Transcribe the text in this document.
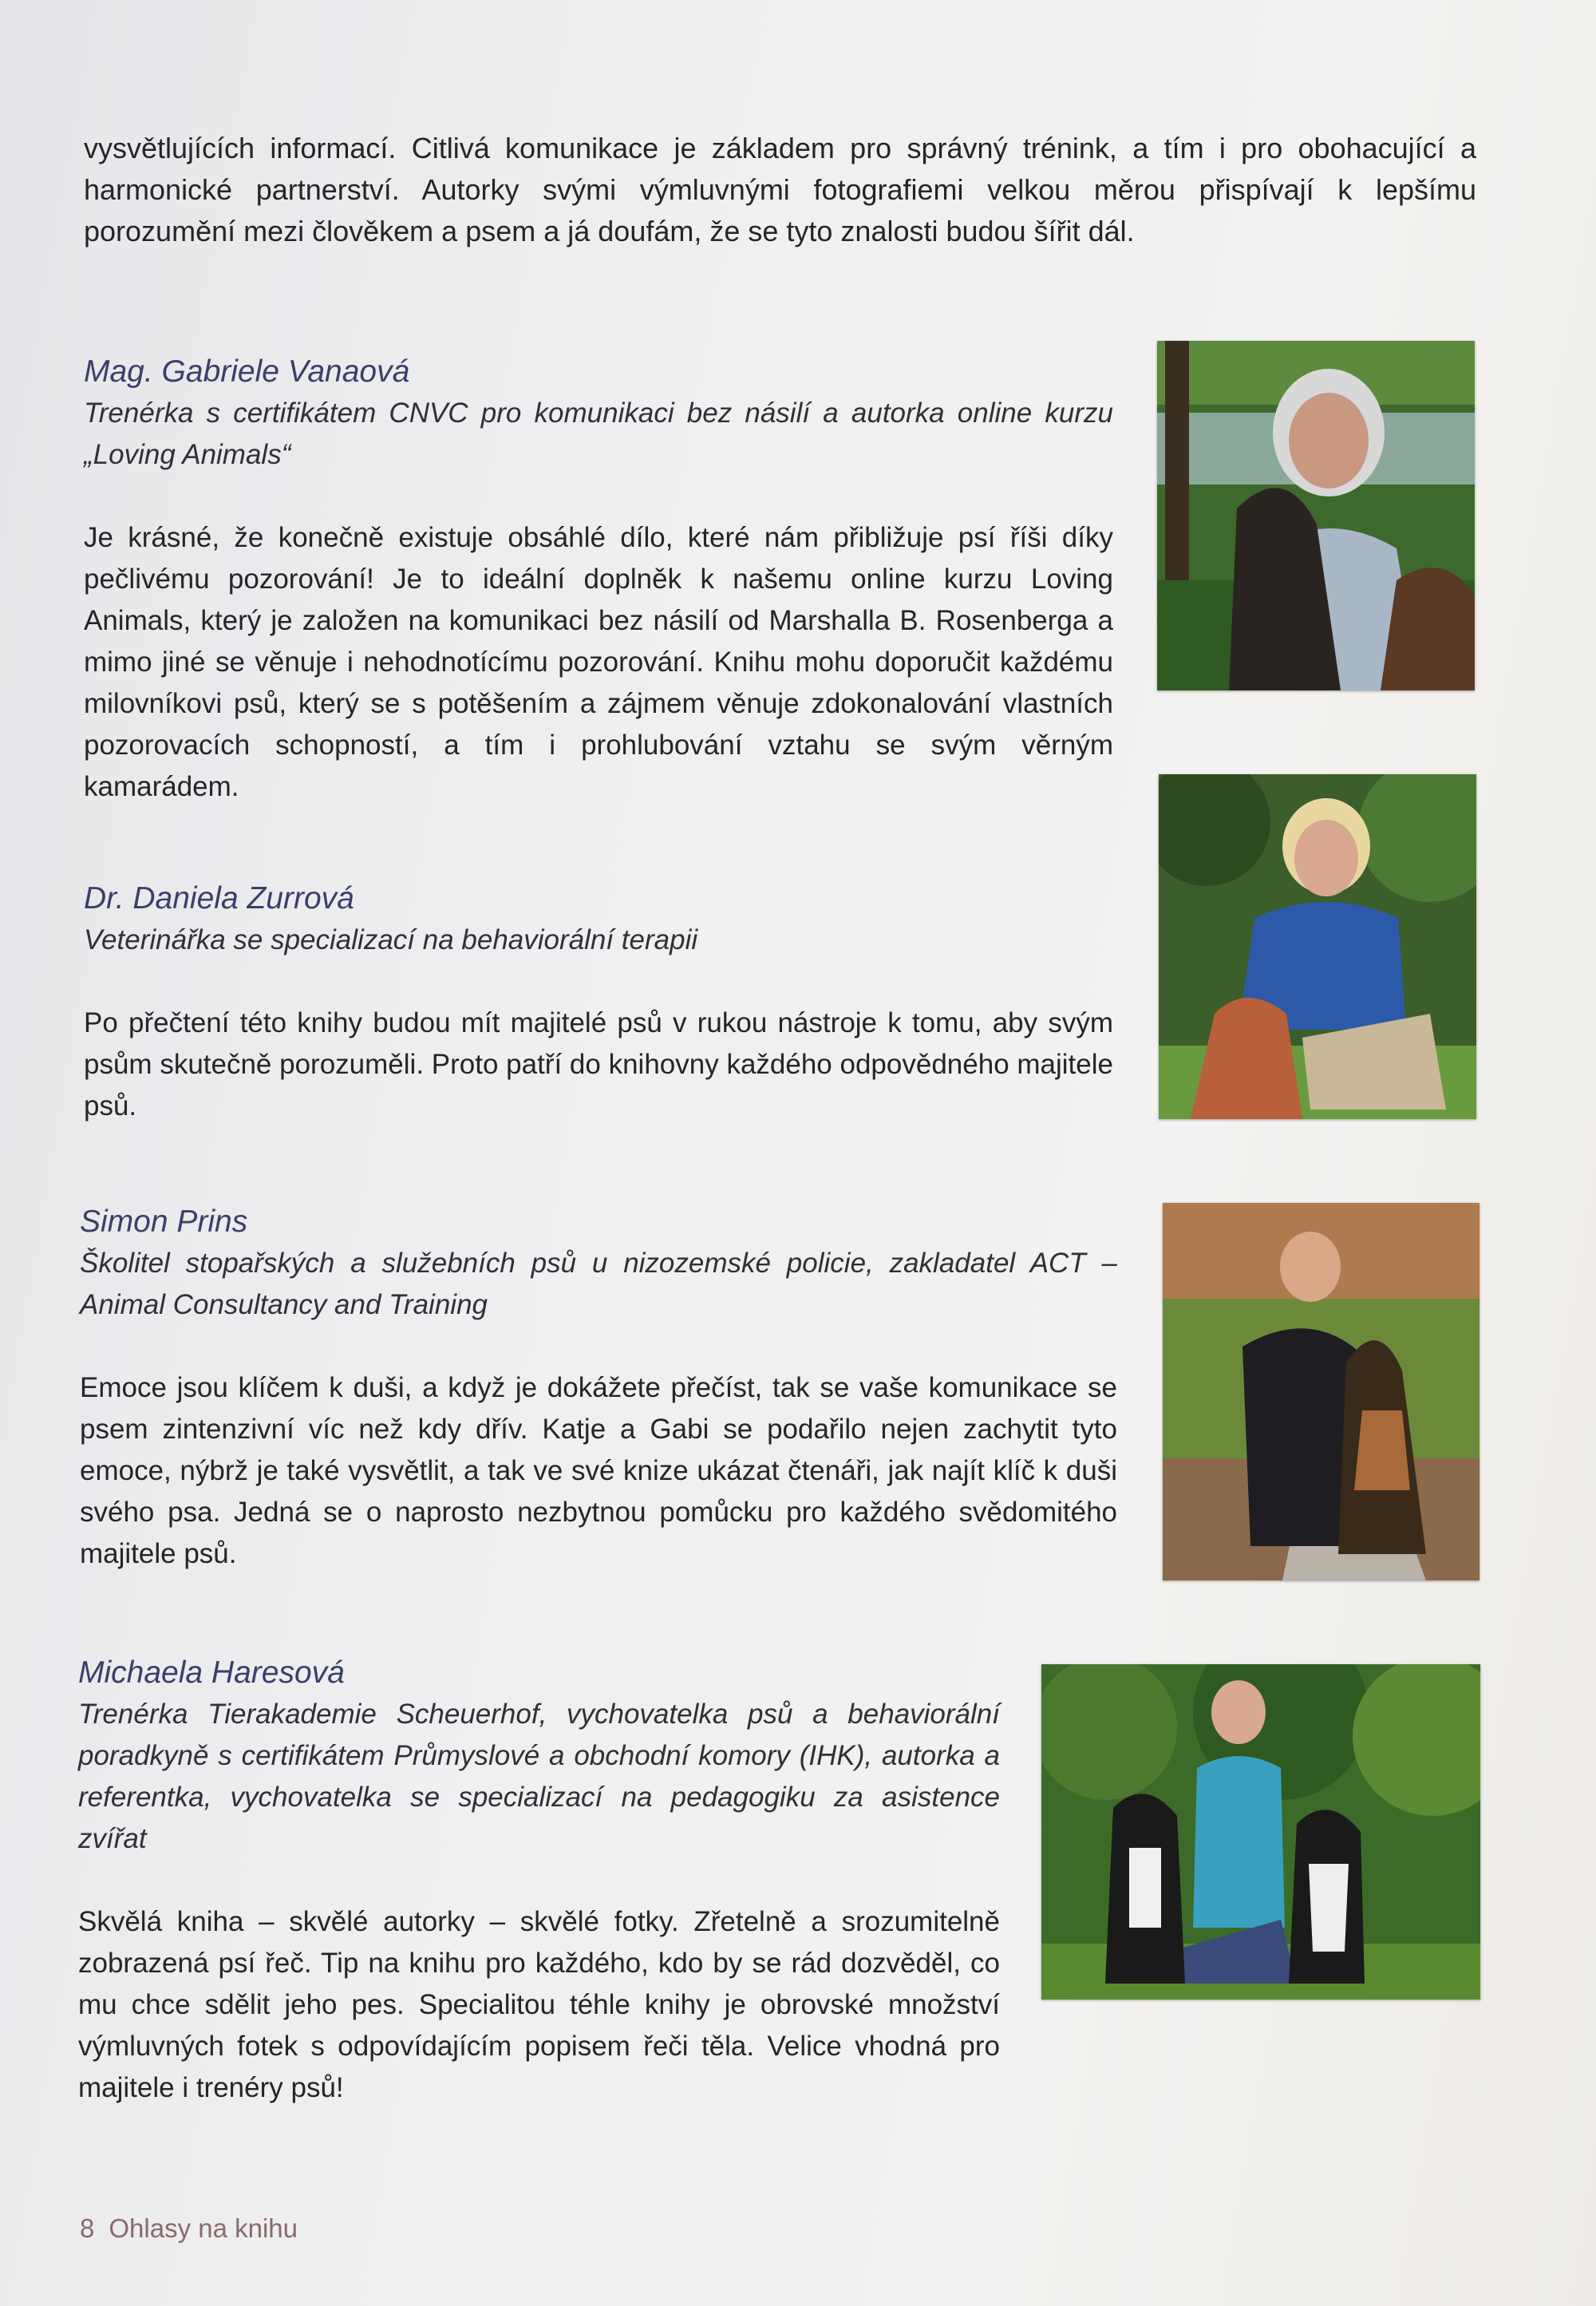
vysvětlujících informací. Citlivá komunikace je základem pro správný trénink, a tím i pro obohacující a harmonické partnerství. Autorky svými výmluvnými fotografiemi velkou měrou přispívají k lepšímu porozumění mezi člověkem a psem a já doufám, že se tyto znalosti budou šířit dál.

Mag. Gabriele Vanaová

Trenérka s certifikátem CNVC pro komunikaci bez násilí a autorka online kurzu „Loving Animals“

Je krásné, že konečně existuje obsáhlé dílo, které nám přibližuje psí říši díky pečlivému pozorování! Je to ideální doplněk k našemu online kurzu Loving Animals, který je založen na komunikaci bez násilí od Marshalla B. Rosenberga a mimo jiné se věnuje i nehodnotícímu pozorování. Knihu mohu doporučit každému milovníkovi psů, který se s potěšením a zájmem věnuje zdokonalování vlastních pozorovacích schopností, a tím i prohlubování vztahu se svým věrným kamarádem.

Dr. Daniela Zurrová

Veterinářka se specializací na behaviorální terapii

Po přečtení této knihy budou mít majitelé psů v rukou nástroje k tomu, aby svým psům skutečně porozuměli. Proto patří do knihovny každého odpovědného majitele psů.

Simon Prins

Školitel stopařských a služebních psů u nizozemské policie, zakladatel ACT – Animal Consultancy and Training

Emoce jsou klíčem k duši, a když je dokážete přečíst, tak se vaše komunikace se psem zintenzivní víc než kdy dřív. Katje a Gabi se podařilo nejen zachytit tyto emoce, nýbrž je také vysvětlit, a tak ve své knize ukázat čtenáři, jak najít klíč k duši svého psa. Jedná se o naprosto nezbytnou pomůcku pro každého svědomitého majitele psů.

Michaela Haresová

Trenérka Tierakademie Scheuerhof, vychovatelka psů a behaviorální poradkyně s certifikátem Průmyslové a obchodní komory (IHK), autorka a referentka, vychovatelka se specializací na pedagogiku za asistence zvířat

Skvělá kniha – skvělé autorky – skvělé fotky. Zřetelně a srozumitelně zobrazená psí řeč. Tip na knihu pro každého, kdo by se rád dozvěděl, co mu chce sdělit jeho pes. Specialitou téhle knihy je obrovské množství výmluvných fotek s odpovídajícím popisem řeči těla. Velice vhodná pro majitele i trenéry psů!

8 Ohlasy na knihu
